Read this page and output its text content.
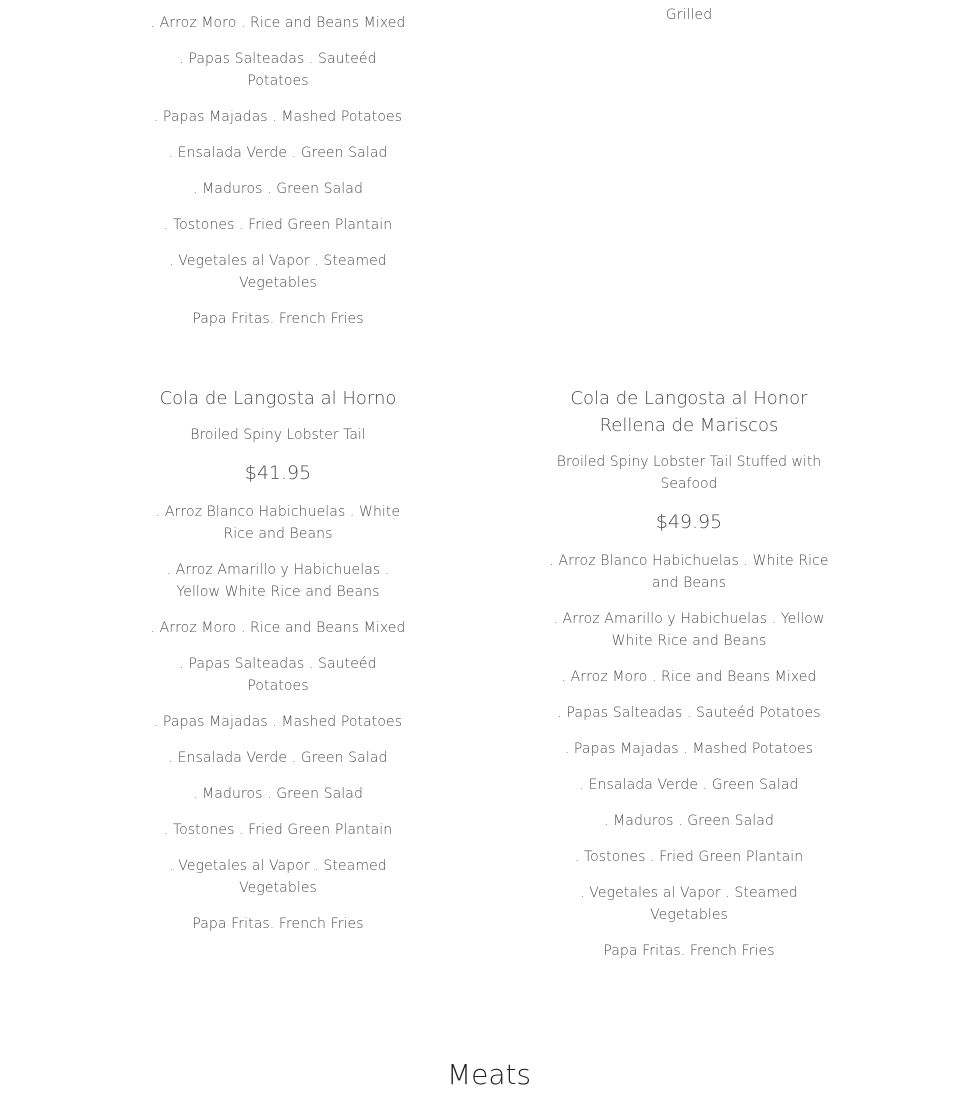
. Arroz Moro . Rice and Beans Mixed
. Papas Salteadas . Sauteéd Potatoes
. Papas Majadas . Mashed Potatoes
. Ensalada Verde . Green Salad
. Maduros . Green Salad
. Tostones . Fried Green Plantain
. Vegetales al Vapor . Steamed Vegetables
Papa Fritas. French Fries
Grilled
Cola de Langosta al Horno
Broiled Spiny Lobster Tail
$41.95
. Arroz Blanco Habichuelas . White Rice and Beans
. Arroz Amarillo y Habichuelas . Yellow White Rice and Beans
. Arroz Moro . Rice and Beans Mixed
. Papas Salteadas . Sauteéd Potatoes
. Papas Majadas . Mashed Potatoes
. Ensalada Verde . Green Salad
. Maduros . Green Salad
. Tostones . Fried Green Plantain
. Vegetales al Vapor . Steamed Vegetables
Papa Fritas. French Fries
Cola de Langosta al Honor Rellena de Mariscos
Broiled Spiny Lobster Tail Stuffed with Seafood
$49.95
. Arroz Blanco Habichuelas . White Rice and Beans
. Arroz Amarillo y Habichuelas . Yellow White Rice and Beans
. Arroz Moro . Rice and Beans Mixed
. Papas Salteadas . Sauteéd Potatoes
. Papas Majadas . Mashed Potatoes
. Ensalada Verde . Green Salad
. Maduros . Green Salad
. Tostones . Fried Green Plantain
. Vegetales al Vapor . Steamed Vegetables
Papa Fritas. French Fries
Meats
